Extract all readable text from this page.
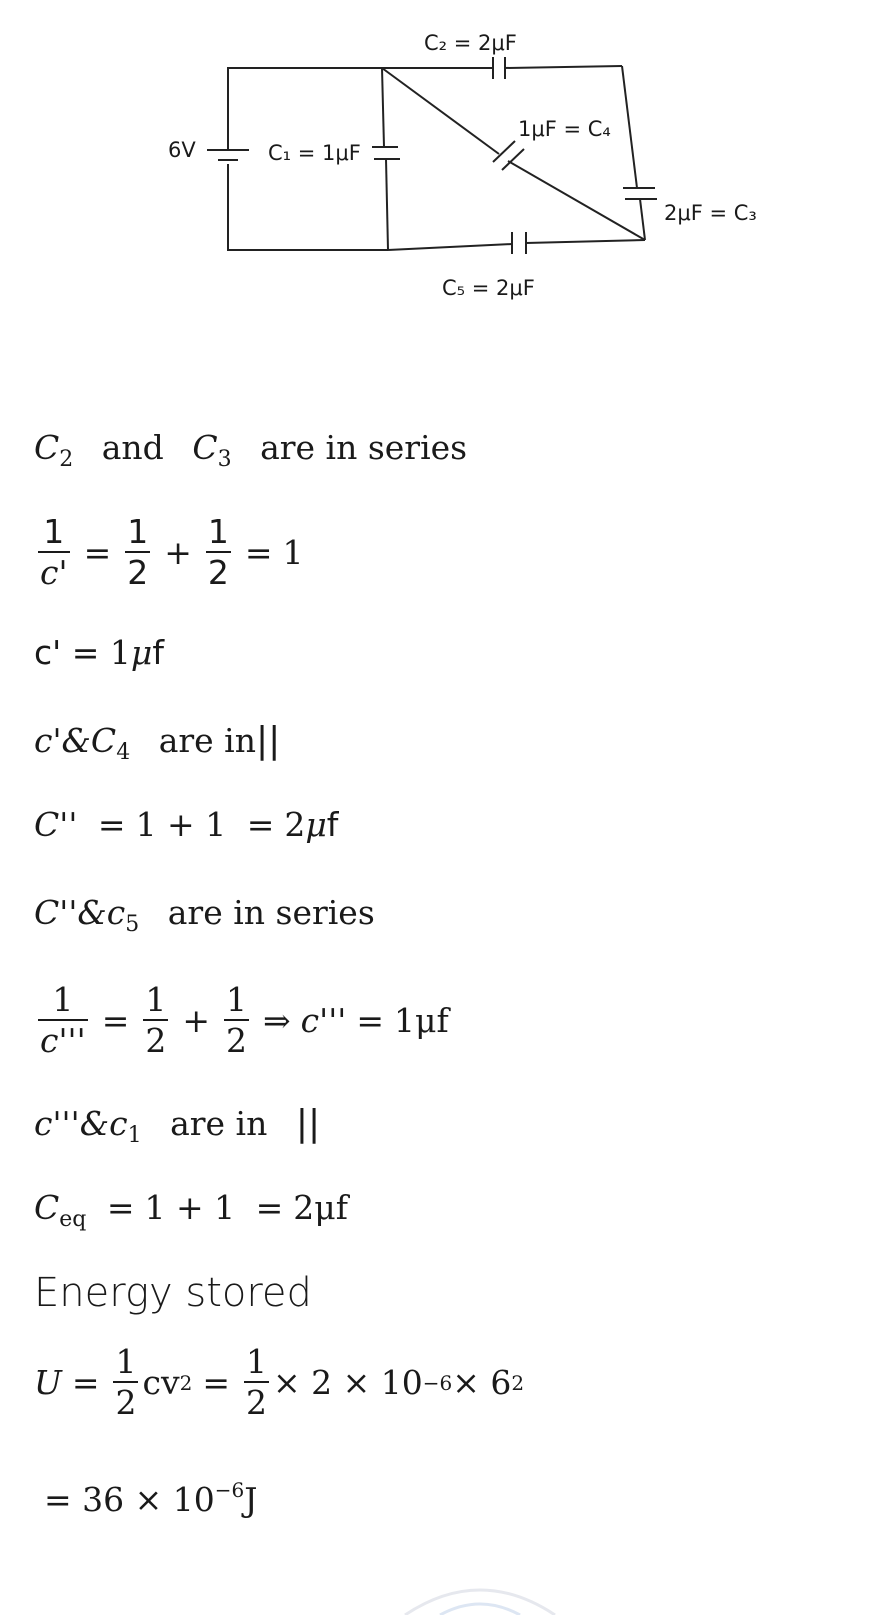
6V	C₁ = 1μF
C₂ = 2μF
1μF = C₄
2μF = C₃
C₅ = 2μF
$C_2$ and $C_3$ are in series
$\frac{1}{c'} = \frac{1}{2} + \frac{1}{2} = 1$
c' = 1μf
$c'\&C_4$ are in||
C'' = 1 + 1 = 2μf
$C''\&c_5$ are in series
$\frac{1}{c'''} = \frac{1}{2} + \frac{1}{2}$ ⇒ c''' = 1μf
$c'''\&c_1$ are in ||
$C_{eq} = 1 + 1 = 2\mu f$
Energy stored
$U = \frac{1}{2}$ cv $2 = \frac{1}{2} \times 2 \times 10 -6 \times 6$ 2
= $36 \times 10^{-6}J$
